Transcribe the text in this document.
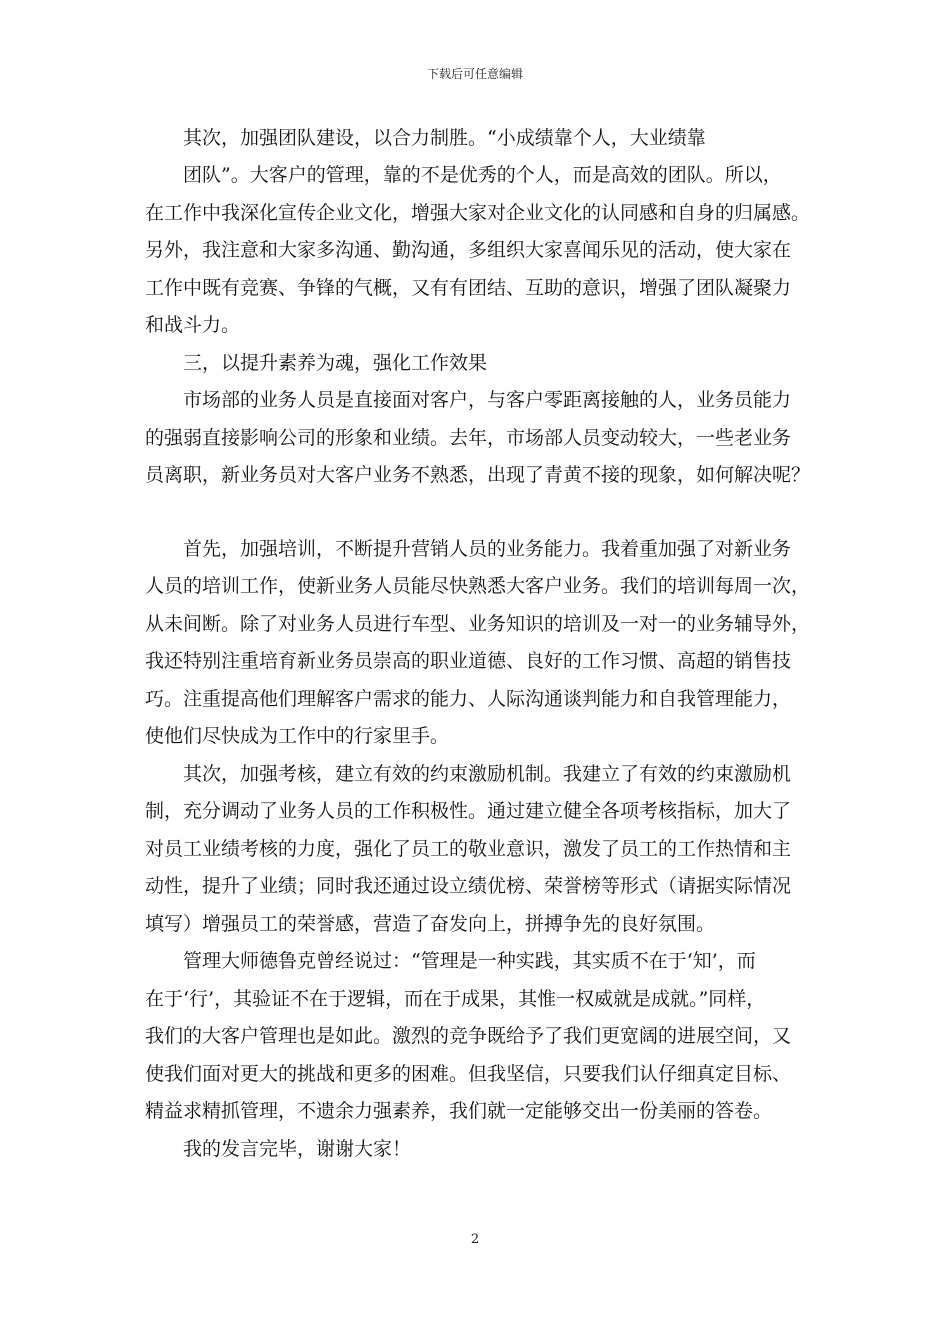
下载后可任意编辑
其次，加强团队建设，以合力制胜。“小成绩靠个人，大业绩靠
团队”。大客户的管理，靠的不是优秀的个人，而是高效的团队。所以，
在工作中我深化宣传企业文化，增强大家对企业文化的认同感和自身的归属感。
另外，我注意和大家多沟通、勤沟通，多组织大家喜闻乐见的活动，使大家在
工作中既有竞赛、争锋的气概，又有有团结、互助的意识，增强了团队凝聚力
和战斗力。
三，以提升素养为魂，强化工作效果
市场部的业务人员是直接面对客户，与客户零距离接触的人，业务员能力
的强弱直接影响公司的形象和业绩。去年，市场部人员变动较大，一些老业务
员离职，新业务员对大客户业务不熟悉，出现了青黄不接的现象，如何解决呢？
首先，加强培训，不断提升营销人员的业务能力。我着重加强了对新业务
人员的培训工作，使新业务人员能尽快熟悉大客户业务。我们的培训每周一次，
从未间断。除了对业务人员进行车型、业务知识的培训及一对一的业务辅导外，
我还特别注重培育新业务员崇高的职业道德、良好的工作习惯、高超的销售技
巧。注重提高他们理解客户需求的能力、人际沟通谈判能力和自我管理能力，
使他们尽快成为工作中的行家里手。
其次，加强考核，建立有效的约束激励机制。我建立了有效的约束激励机
制，充分调动了业务人员的工作积极性。通过建立健全各项考核指标，加大了
对员工业绩考核的力度，强化了员工的敬业意识，激发了员工的工作热情和主
动性，提升了业绩；同时我还通过设立绩优榜、荣誉榜等形式（请据实际情况
填写）增强员工的荣誉感，营造了奋发向上，拼搏争先的良好氛围。
管理大师德鲁克曾经说过：“管理是一种实践，其实质不在于‘知’，而
在于‘行’，其验证不在于逻辑，而在于成果，其惟一权威就是成就。”同样，
我们的大客户管理也是如此。激烈的竞争既给予了我们更宽阔的进展空间，又
使我们面对更大的挑战和更多的困难。但我坚信，只要我们认仔细真定目标、
精益求精抓管理，不遗余力强素养，我们就一定能够交出一份美丽的答卷。
我的发言完毕，谢谢大家！
2
